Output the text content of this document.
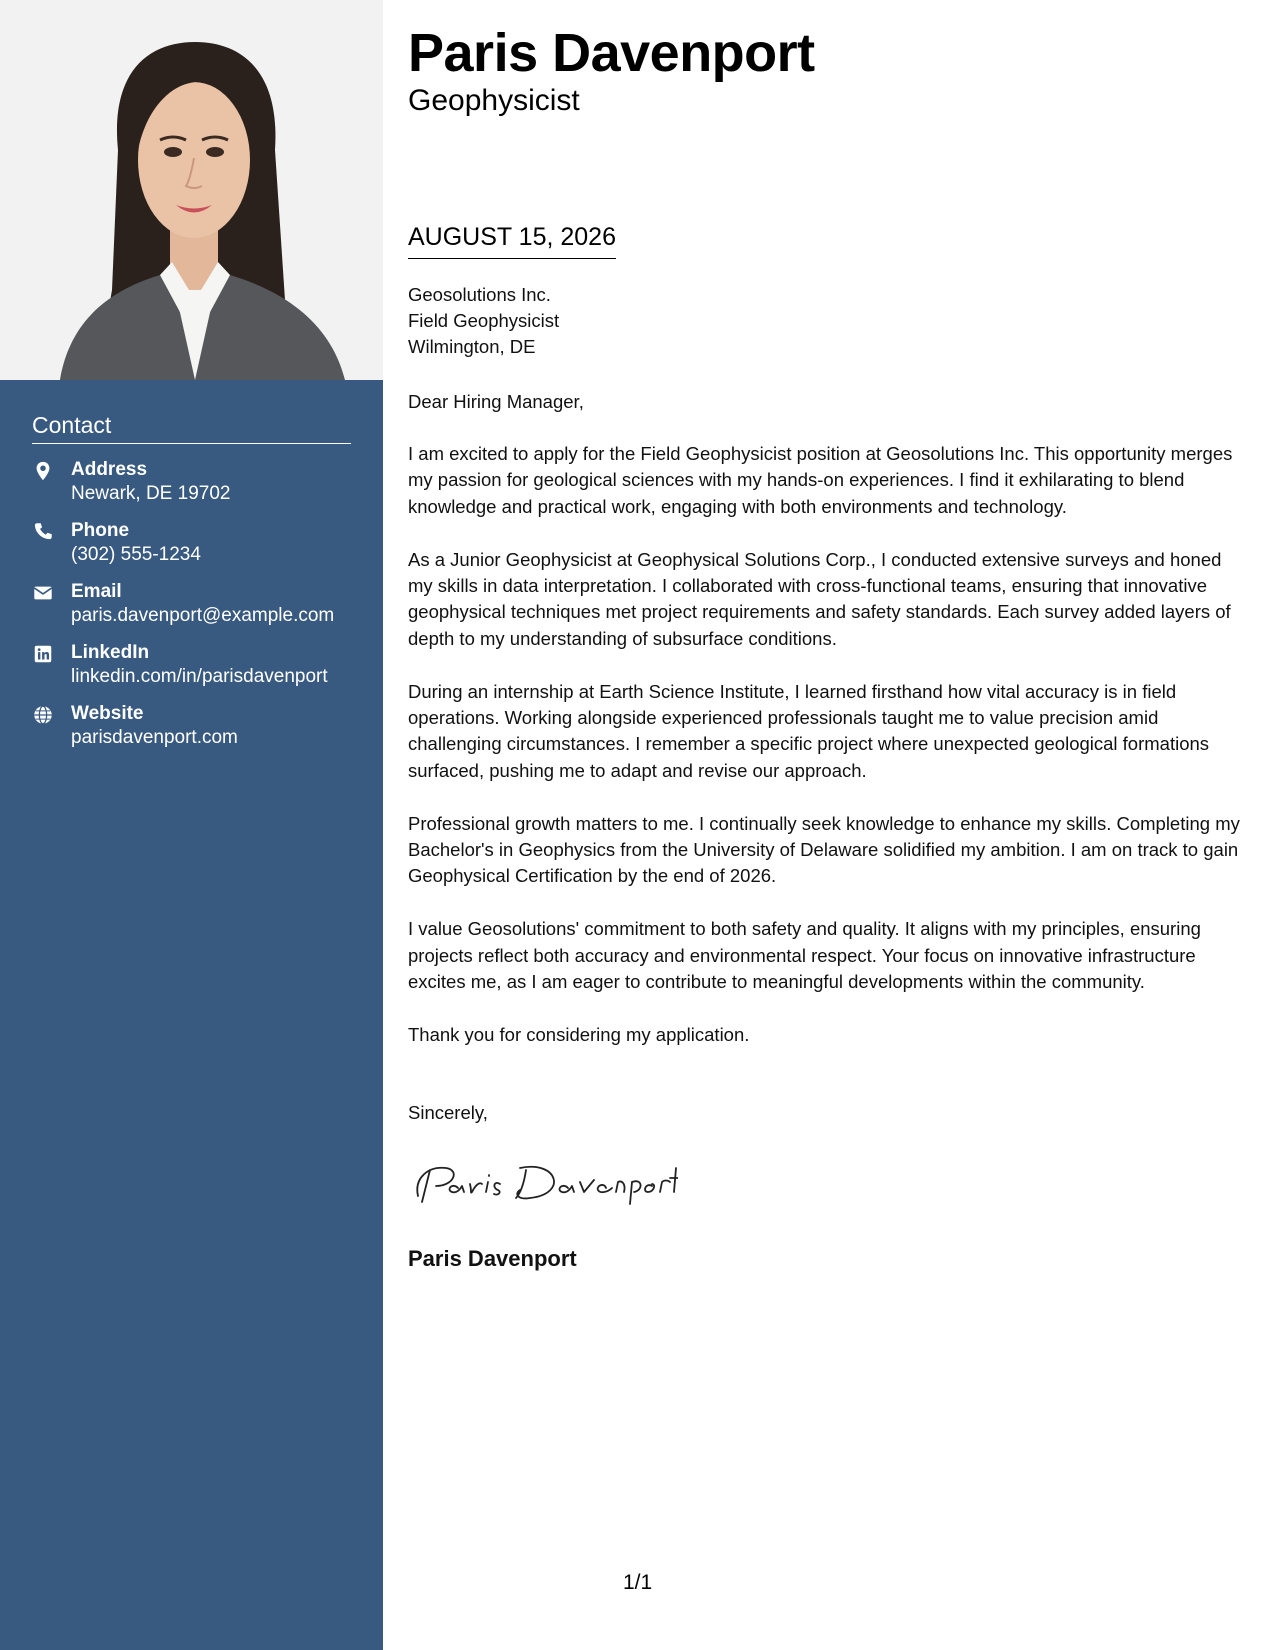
Contact
Address
Newark, DE 19702
Phone
(302) 555-1234
Email
paris.davenport@example.com
LinkedIn
linkedin.com/in/parisdavenport
Website
parisdavenport.com
Paris Davenport
Geophysicist
AUGUST 15, 2026
Geosolutions Inc.
Field Geophysicist
Wilmington, DE
Dear Hiring Manager,

I am excited to apply for the Field Geophysicist position at Geosolutions Inc. This opportunity merges my passion for geological sciences with my hands-on experiences. I find it exhilarating to blend knowledge and practical work, engaging with both environments and technology.

As a Junior Geophysicist at Geophysical Solutions Corp., I conducted extensive surveys and honed my skills in data interpretation. I collaborated with cross-functional teams, ensuring that innovative geophysical techniques met project requirements and safety standards. Each survey added layers of depth to my understanding of subsurface conditions.

During an internship at Earth Science Institute, I learned firsthand how vital accuracy is in field operations. Working alongside experienced professionals taught me to value precision amid challenging circumstances. I remember a specific project where unexpected geological formations surfaced, pushing me to adapt and revise our approach.

Professional growth matters to me. I continually seek knowledge to enhance my skills. Completing my Bachelor's in Geophysics from the University of Delaware solidified my ambition. I am on track to gain Geophysical Certification by the end of 2026.

I value Geosolutions' commitment to both safety and quality. It aligns with my principles, ensuring projects reflect both accuracy and environmental respect. Your focus on innovative infrastructure excites me, as I am eager to contribute to meaningful developments within the community.

Thank you for considering my application.

Sincerely,
Paris Davenport
1/1
